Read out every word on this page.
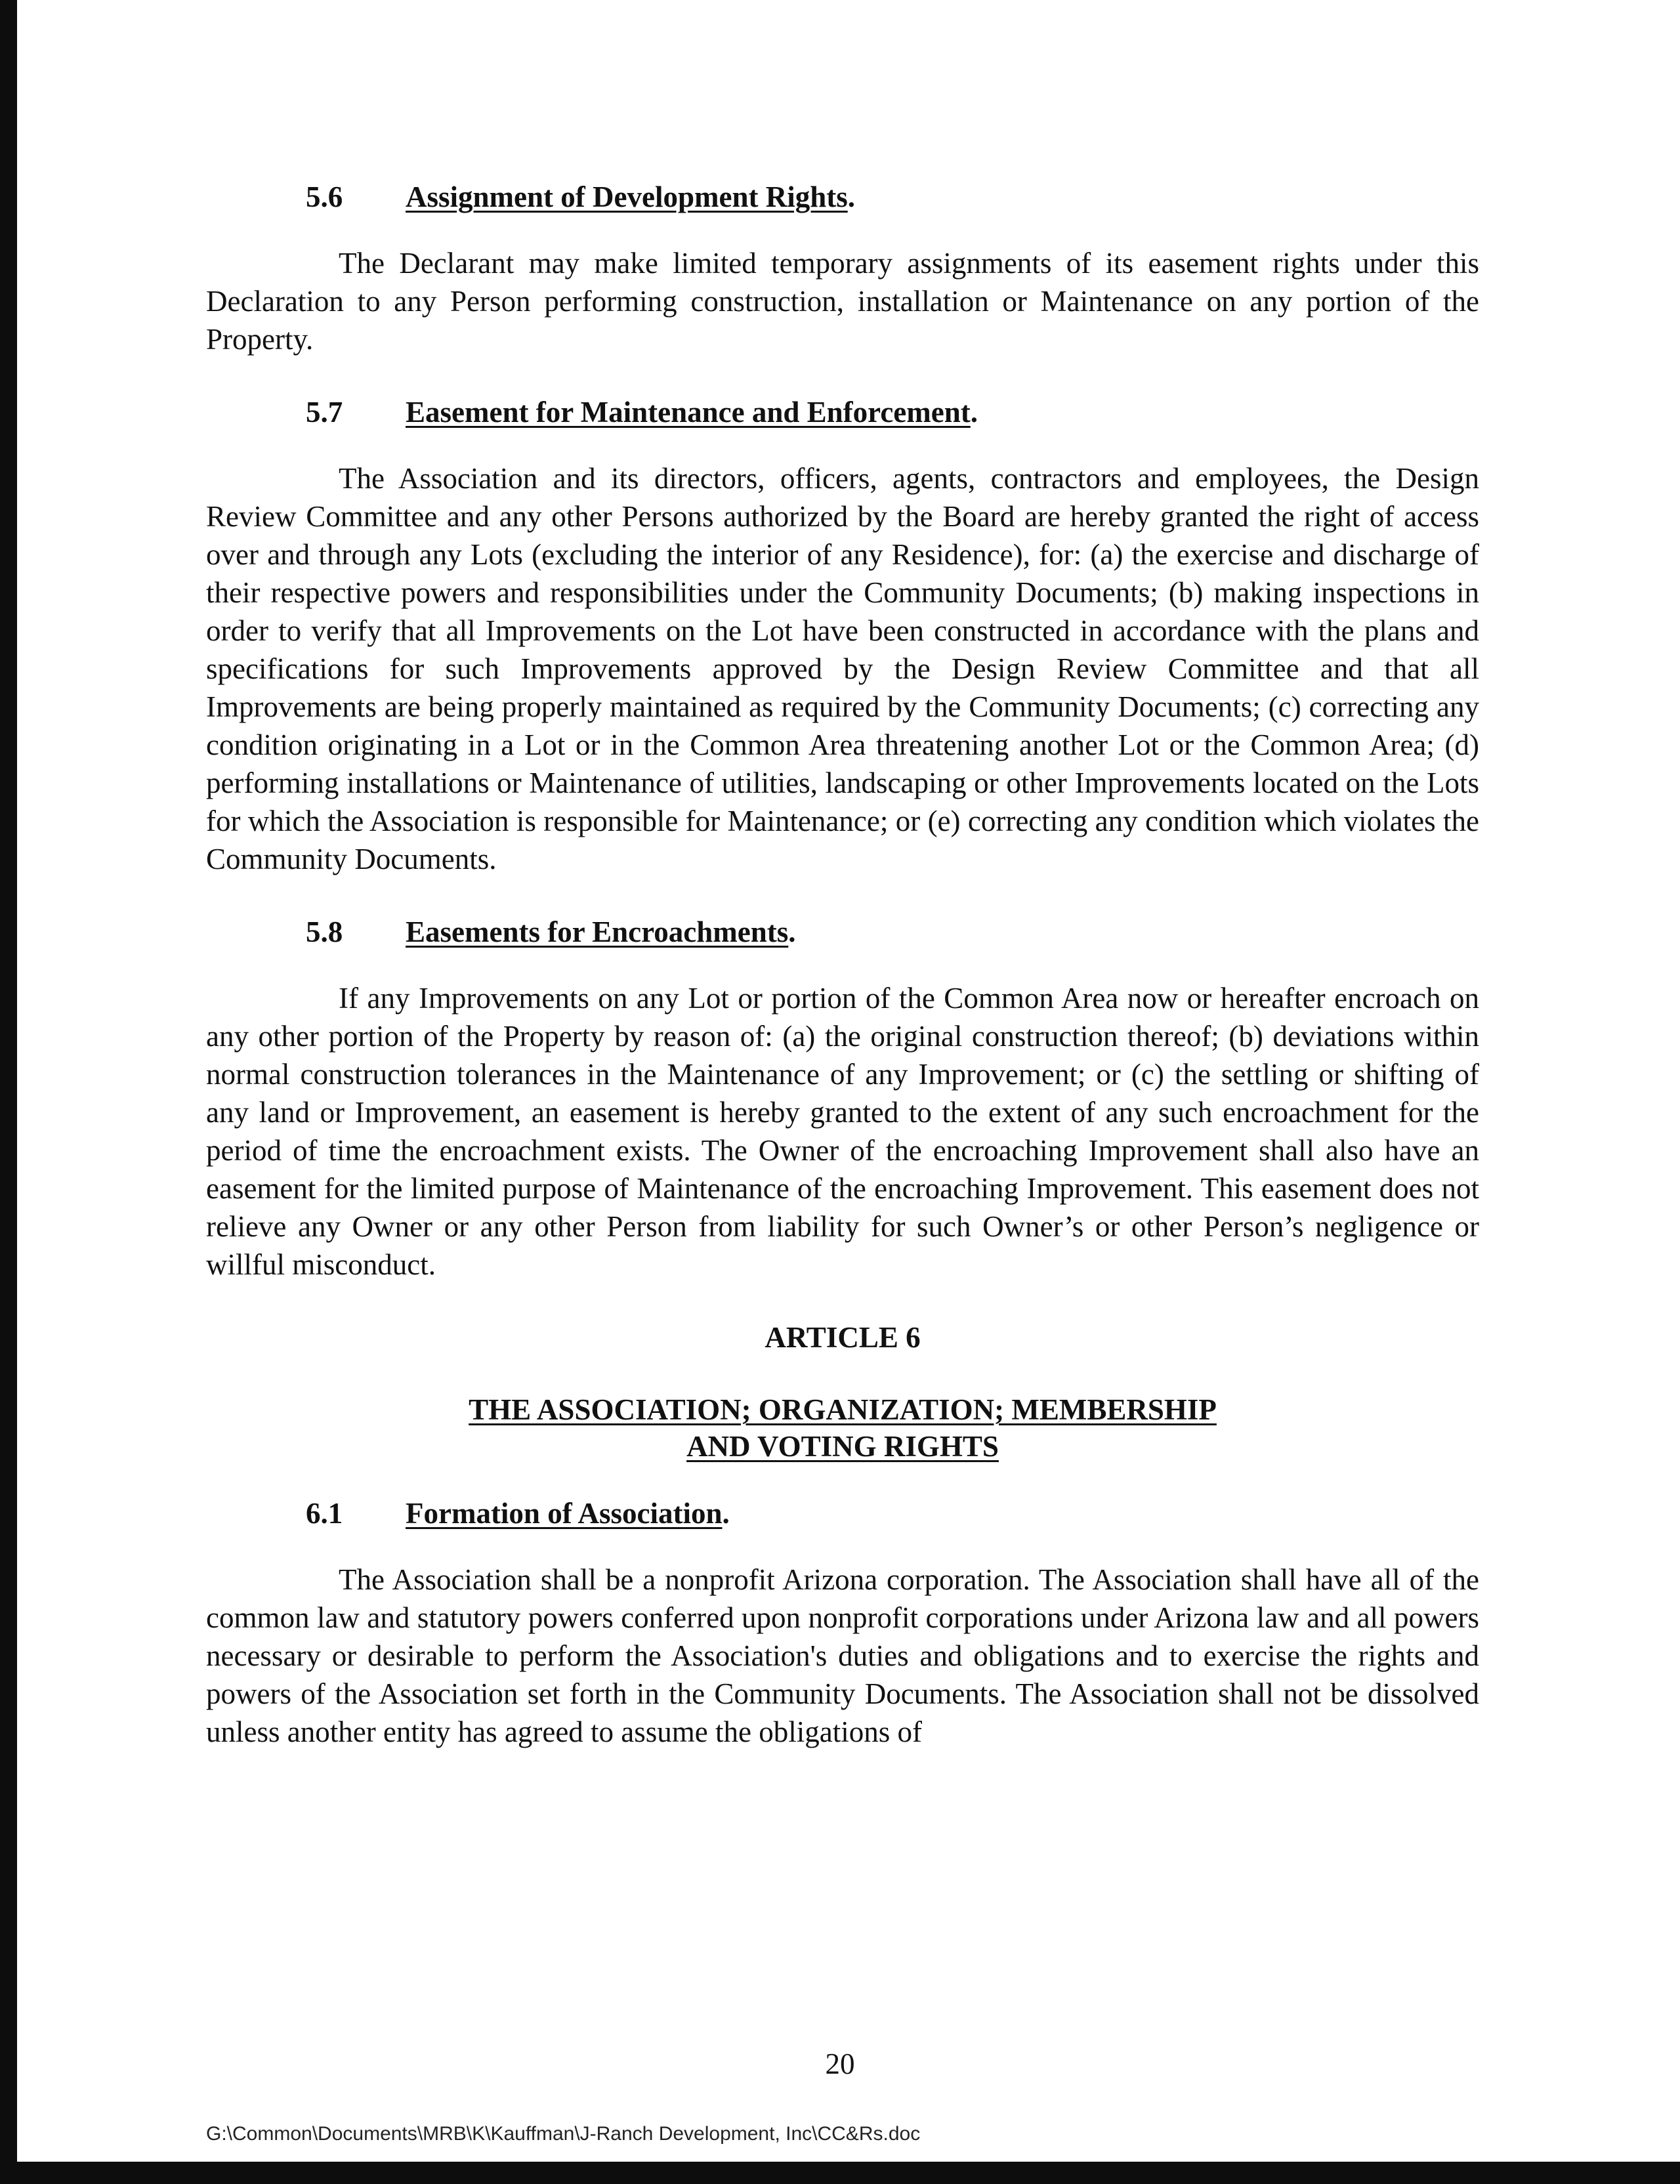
5.6 Assignment of Development Rights.

The Declarant may make limited temporary assignments of its easement rights under this Declaration to any Person performing construction, installation or Maintenance on any portion of the Property.

5.7 Easement for Maintenance and Enforcement.

The Association and its directors, officers, agents, contractors and employees, the Design Review Committee and any other Persons authorized by the Board are hereby granted the right of access over and through any Lots (excluding the interior of any Residence), for: (a) the exercise and discharge of their respective powers and responsibilities under the Community Documents; (b) making inspections in order to verify that all Improvements on the Lot have been constructed in accordance with the plans and specifications for such Improvements approved by the Design Review Committee and that all Improvements are being properly maintained as required by the Community Documents; (c) correcting any condition originating in a Lot or in the Common Area threatening another Lot or the Common Area; (d) performing installations or Maintenance of utilities, landscaping or other Improvements located on the Lots for which the Association is responsible for Maintenance; or (e) correcting any condition which violates the Community Documents.

5.8 Easements for Encroachments.

If any Improvements on any Lot or portion of the Common Area now or hereafter encroach on any other portion of the Property by reason of: (a) the original construction thereof; (b) deviations within normal construction tolerances in the Maintenance of any Improvement; or (c) the settling or shifting of any land or Improvement, an easement is hereby granted to the extent of any such encroachment for the period of time the encroachment exists. The Owner of the encroaching Improvement shall also have an easement for the limited purpose of Maintenance of the encroaching Improvement. This easement does not relieve any Owner or any other Person from liability for such Owner’s or other Person’s negligence or willful misconduct.

ARTICLE 6
THE ASSOCIATION; ORGANIZATION; MEMBERSHIP
AND VOTING RIGHTS
6.1 Formation of Association.

The Association shall be a nonprofit Arizona corporation. The Association shall have all of the common law and statutory powers conferred upon nonprofit corporations under Arizona law and all powers necessary or desirable to perform the Association's duties and obligations and to exercise the rights and powers of the Association set forth in the Community Documents. The Association shall not be dissolved unless another entity has agreed to assume the obligations of

20
G:\Common\Documents\MRB\K\Kauffman\J-Ranch Development, Inc\CC&Rs.doc
